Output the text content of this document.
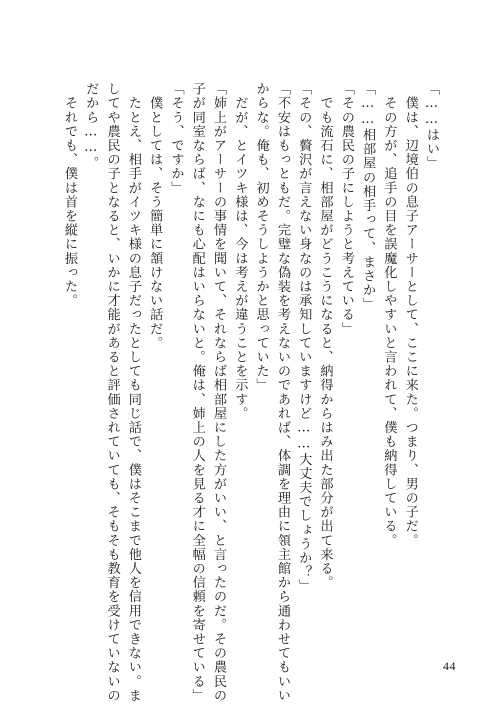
「……はい」
　僕は、辺境伯の息子アーサーとして、ここに来た。つまり、男の子だ。
　その方が、追手の目を誤魔化しやすいと言われて、僕も納得している。
「……相部屋の相手って、まさか」
「その農民の子にしようと考えている」
　でも流石に、相部屋がどうこうになると、納得からはみ出た部分が出て来る。
「その、贅沢が言えない身なのは承知していますけど……大丈夫でしょうか？」
「不安はもっともだ。完璧な偽装を考えないのであれば、体調を理由に領主館から通わせてもいい
からな。俺も、初めそうしようかと思っていた」
　だが、とイツキ様は、今は考えが違うことを示す。
「姉上がアーサーの事情を聞いて、それならば相部屋にした方がいい、と言ったのだ。その農民の
子が同室ならば、なにも心配はいらないと。俺は、姉上の人を見る才に全幅の信頼を寄せている」
「そう、ですか」
　僕としては、そう簡単に頷けない話だ。
　たとえ、相手がイツキ様の息子だったとしても同じ話で、僕はそこまで他人を信用できない。ま
してや農民の子となると、いかに才能があると評価されていても、そもそも教育を受けていないの
だから……。
　それでも、僕は首を縦に振った。
44
